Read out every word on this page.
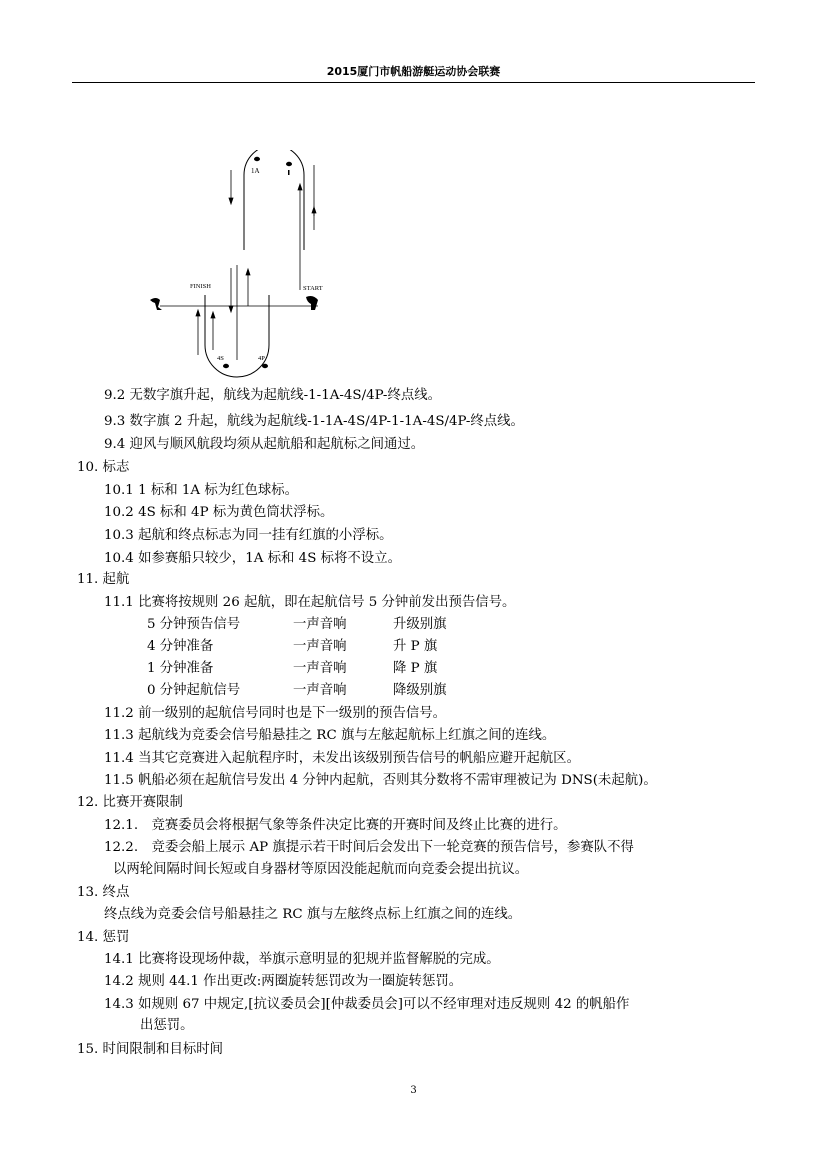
2015厦门市帆船游艇运动协会联赛
1A
1
FINISH	START
4S	4P
9.2 无数字旗升起，航线为起航线-1-1A-4S/4P-终点线。
9.3 数字旗 2 升起，航线为起航线-1-1A-4S/4P-1-1A-4S/4P-终点线。
9.4 迎风与顺风航段均须从起航船和起航标之间通过。
10. 标志
10.1 1 标和 1A 标为红色球标。
10.2 4S 标和 4P 标为黄色筒状浮标。
10.3 起航和终点标志为同一挂有红旗的小浮标。
10.4 如参赛船只较少，1A 标和 4S 标将不设立。
11. 起航
11.1 比赛将按规则 26 起航，即在起航信号 5 分钟前发出预告信号。
5 分钟预告信号	一声音响	升级别旗
4 分钟准备	一声音响	升 P 旗
1 分钟准备	一声音响	降 P 旗
0 分钟起航信号	一声音响	降级别旗
11.2 前一级别的起航信号同时也是下一级别的预告信号。
11.3 起航线为竞委会信号船悬挂之 RC 旗与左舷起航标上红旗之间的连线。
11.4 当其它竞赛进入起航程序时，未发出该级别预告信号的帆船应避开起航区。
11.5 帆船必须在起航信号发出 4 分钟内起航，否则其分数将不需审理被记为 DNS(未起航)。
12. 比赛开赛限制
12.1.　竞赛委员会将根据气象等条件决定比赛的开赛时间及终止比赛的进行。
12.2.　竞委会船上展示 AP 旗提示若干时间后会发出下一轮竞赛的预告信号，参赛队不得
以两轮间隔时间长短或自身器材等原因没能起航而向竞委会提出抗议。
13. 终点
终点线为竞委会信号船悬挂之 RC 旗与左舷终点标上红旗之间的连线。
14. 惩罚
14.1 比赛将设现场仲裁，举旗示意明显的犯规并监督解脱的完成。
14.2 规则 44.1 作出更改:两圈旋转惩罚改为一圈旋转惩罚。
14.3 如规则 67 中规定,[抗议委员会][仲裁委员会]可以不经审理对违反规则 42 的帆船作
出惩罚。
15. 时间限制和目标时间
3
